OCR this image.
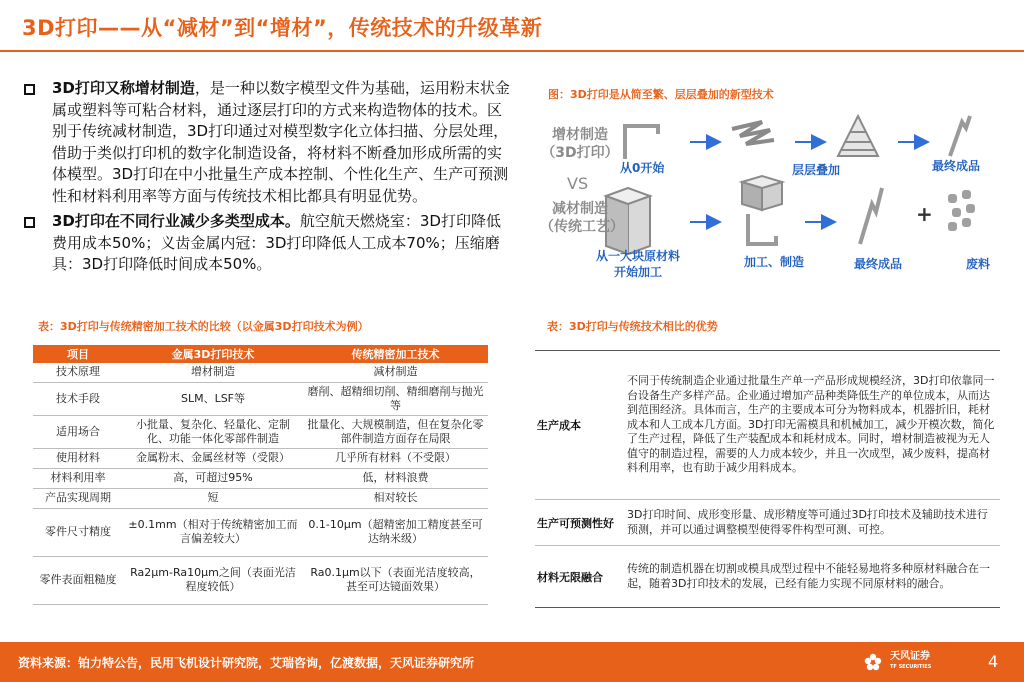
3D打印——从“减材”到“增材”，传统技术的升级革新
3D打印又称增材制造，是一种以数字模型文件为基础，运用粉末状金属或塑料等可粘合材料，通过逐层打印的方式来构造物体的技术。区别于传统减材制造，3D打印通过对模型数字化立体扫描、分层处理，借助于类似打印机的数字化制造设备，将材料不断叠加形成所需的实体模型。3D打印在中小批量生产成本控制、个性化生产、生产可预测性和材料利用率等方面与传统技术相比都具有明显优势。
3D打印在不同行业减少多类型成本。航空航天燃烧室：3D打印降低费用成本50%；义齿金属内冠：3D打印降低人工成本70%；压缩磨具：3D打印降低时间成本50%。
图：3D打印是从简至繁、层层叠加的新型技术
增材制造
（3D打印）
VS
减材制造
（传统工艺）
从0开始	层层叠加	最终成品
从一大块原材料
开始加工
加工、制造	最终成品
+
废料
表：3D打印与传统精密加工技术的比较（以金属3D打印技术为例）	表：3D打印与传统技术相比的优势
项目	金属3D打印技术	传统精密加工技术
技术原理	增材制造	减材制造
技术手段	SLM、LSF等	磨削、超精细切削、精细磨削与抛光等
适用场合	小批量、复杂化、轻量化、定制化、功能一体化零部件制造	批量化、大规模制造，但在复杂化零部件制造方面存在局限
使用材料	金属粉末、金属丝材等（受限）	几乎所有材料（不受限）
材料利用率	高，可超过95%	低，材料浪费
产品实现周期	短	相对较长
零件尺寸精度	±0.1mm（相对于传统精密加工而言偏差较大）	0.1-10μm（超精密加工精度甚至可达纳米级）
零件表面粗糙度	Ra2μm-Ra10μm之间（表面光洁程度较低）	Ra0.1μm以下（表面光洁度较高，甚至可达镜面效果）
生产成本
不同于传统制造企业通过批量生产单一产品形成规模经济，3D打印依靠同一台设备生产多样产品。企业通过增加产品种类降低生产的单位成本，从而达到范围经济。具体而言，生产的主要成本可分为物料成本，机器折旧，耗材成本和人工成本几方面。3D打印无需模具和机械加工，减少开模次数，简化了生产过程，降低了生产装配成本和耗材成本。同时，增材制造被视为无人值守的制造过程，需要的人力成本较少，并且一次成型，减少废料，提高材料利用率，也有助于减少用料成本。
生产可预测性好
3D打印时间、成形变形量、成形精度等可通过3D打印技术及辅助技术进行预测，并可以通过调整模型使得零件构型可测、可控。
材料无限融合
传统的制造机器在切割或模具成型过程中不能轻易地将多种原材料融合在一起，随着3D打印技术的发展，已经有能力实现不同原材料的融合。
资料来源：铂力特公告，民用飞机设计研究院，艾瑞咨询，亿渡数据，天风证券研究所	天风证券
TF SECURITIES	4
